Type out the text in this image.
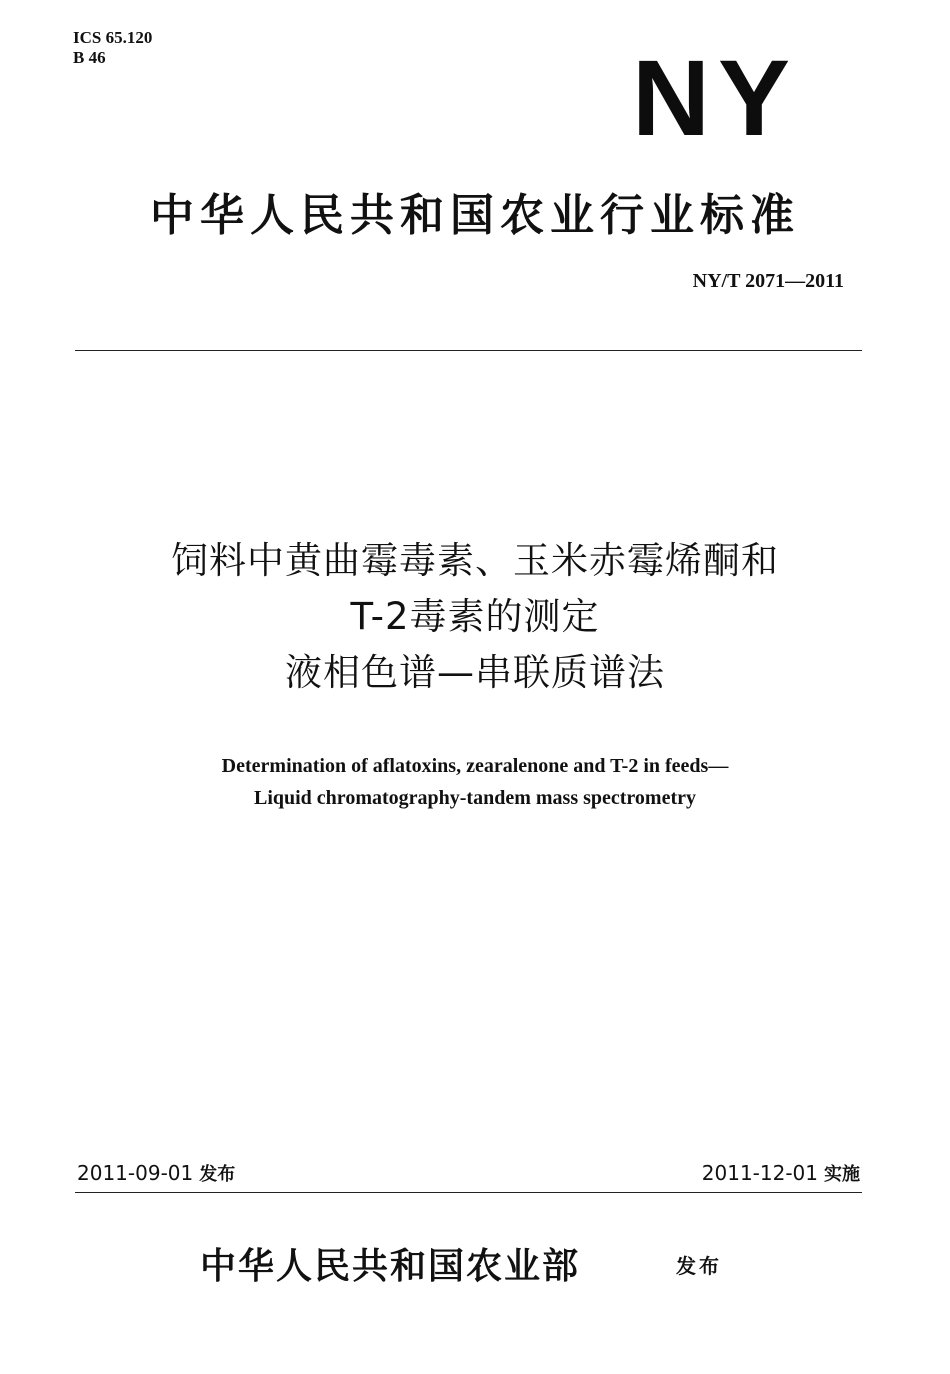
ICS 65.120
B 46	NY
中华人民共和国农业行业标准
NY/T 2071—2011
饲料中黄曲霉毒素、玉米赤霉烯酮和
T-2毒素的测定
液相色谱—串联质谱法
Determination of aflatoxins, zearalenone and T-2 in feeds—
Liquid chromatography-tandem mass spectrometry
2011-09-01 发布	2011-12-01 实施
中华人民共和国农业部	发布
